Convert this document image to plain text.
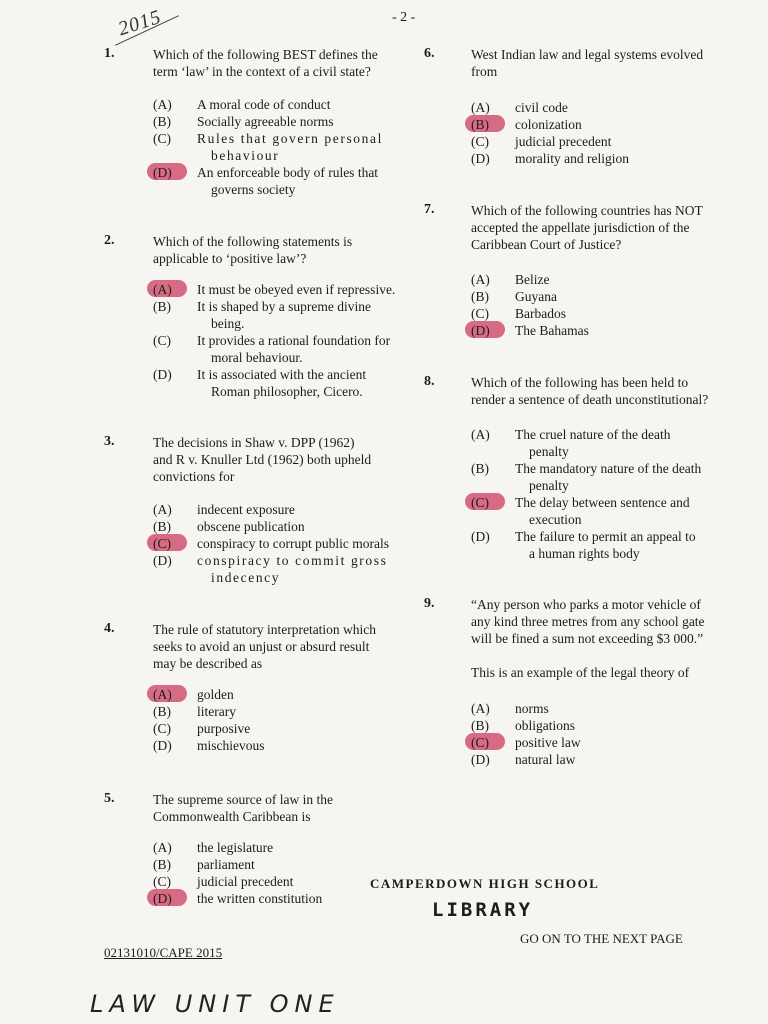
- 2 -
2015
1.	Which of the following BEST defines the
term ‘law’ in the context of a civil state?
(A)	A moral code of conduct
(B)	Socially agreeable norms
(C)	Rules that govern personal
behaviour
(D)	An enforceable body of rules that
governs society
2.	Which of the following statements is
applicable to ‘positive law’?
(A)	It must be obeyed even if repressive.
(B)	It is shaped by a supreme divine
being.
(C)	It provides a rational foundation for
moral behaviour.
(D)	It is associated with the ancient
Roman philosopher, Cicero.
3.	The decisions in Shaw v. DPP (1962)
and R v. Knuller Ltd (1962) both upheld
convictions for
(A)	indecent exposure
(B)	obscene publication
(C)	conspiracy to corrupt public morals
(D)	conspiracy to commit gross
indecency
4.	The rule of statutory interpretation which
seeks to avoid an unjust or absurd result
may be described as
(A)	golden
(B)	literary
(C)	purposive
(D)	mischievous
5.	The supreme source of law in the
Commonwealth Caribbean is
(A)	the legislature
(B)	parliament
(C)	judicial precedent
(D)	the written constitution
6.	West Indian law and legal systems evolved
from
(A)	civil code
(B)	colonization
(C)	judicial precedent
(D)	morality and religion
7.	Which of the following countries has NOT
accepted the appellate jurisdiction of the
Caribbean Court of Justice?
(A)	Belize
(B)	Guyana
(C)	Barbados
(D)	The Bahamas
8.	Which of the following has been held to
render a sentence of death unconstitutional?
(A)	The cruel nature of the death
penalty
(B)	The mandatory nature of the death
penalty
(C)	The delay between sentence and
execution
(D)	The failure to permit an appeal to
a human rights body
9.	“Any person who parks a motor vehicle of
any kind three metres from any school gate
will be fined a sum not exceeding $3 000.”
This is an example of the legal theory of
(A)	norms
(B)	obligations
(C)	positive law
(D)	natural law
CAMPERDOWN HIGH SCHOOL
LIBRARY
GO ON TO THE NEXT PAGE
02131010/CAPE 2015
LAW UNIT ONE
